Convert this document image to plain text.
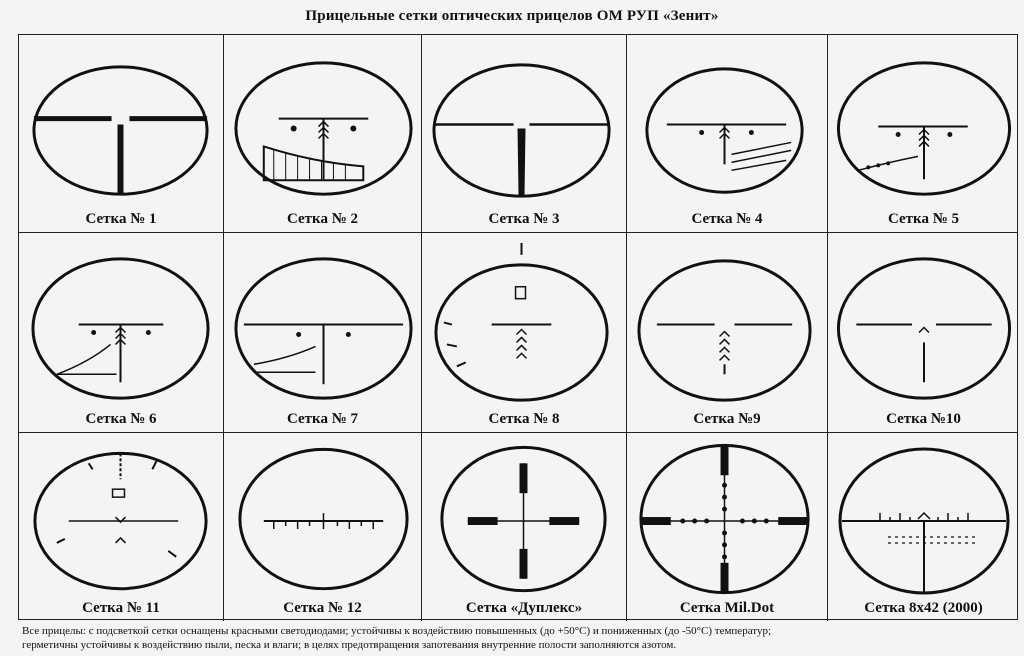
Прицельные сетки оптических прицелов ОМ РУП «Зенит»
Сетка № 1	Сетка № 2	Сетка № 3	Сетка № 4	Сетка № 5
Сетка № 6	Сетка № 7	Сетка № 8	Сетка №9	Сетка №10
Сетка № 11	Сетка № 12	Сетка «Дуплекс»	Сетка Mil.Dot	Сетка 8х42 (2000)
Все прицелы: с подсветкой сетки оснащены красными светодиодами; устойчивы к воздействию повышенных (до +50°С) и пониженных (до -50°С) температур;
герметичны устойчивы к воздействию пыли, песка и влаги; в целях предотвращения запотевания внутренние полости заполняются азотом.
